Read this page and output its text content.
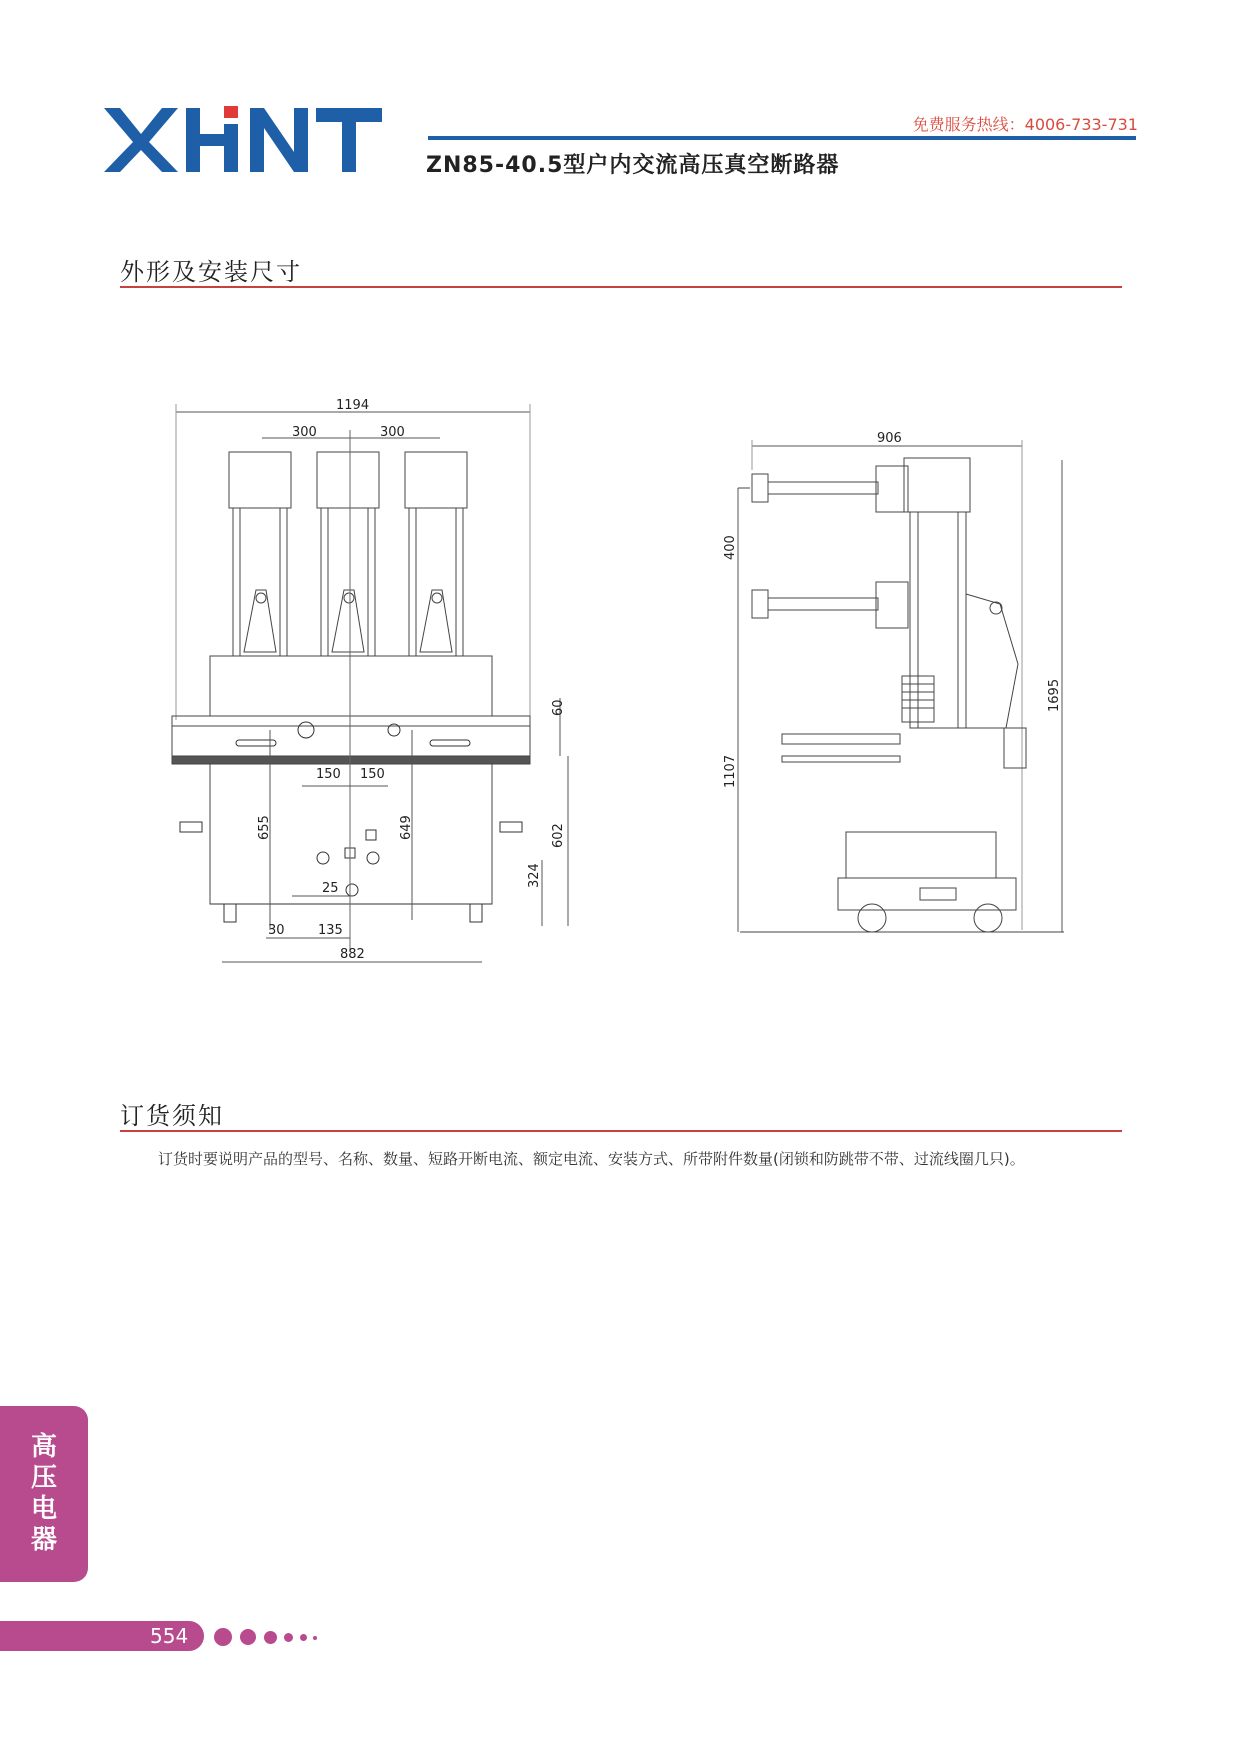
免费服务热线：4006-733-731
ZN85-40.5型户内交流高压真空断路器
外形及安装尺寸
1194
300	300
150 150
25
30	135
882
906
60
655	649	602
324
400
1695
1107
订货须知
订货时要说明产品的型号、名称、数量、短路开断电流、额定电流、安装方式、所带附件数量(闭锁和防跳带不带、过流线圈几只)。
高
压
电
器
554
